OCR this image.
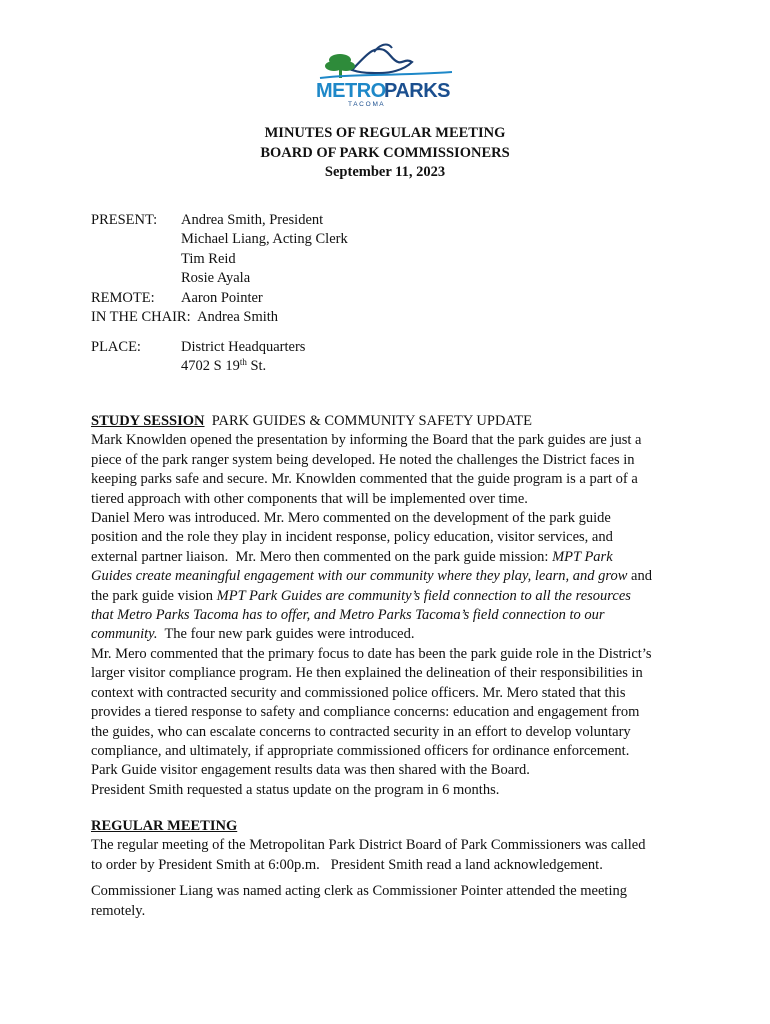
METRO
PARKS
T A C O M A
MINUTES OF REGULAR MEETING
BOARD OF PARK COMMISSIONERS
September 11, 2023
PRESENT:	Andrea Smith, President
Michael Liang, Acting Clerk
Tim Reid
Rosie Ayala
REMOTE:	Aaron Pointer
IN THE CHAIR: Andrea Smith
PLACE:	District Headquarters
4702 S 19th St.
STUDY SESSION  PARK GUIDES & COMMUNITY SAFETY UPDATE
Mark Knowlden opened the presentation by informing the Board that the park guides are just a
piece of the park ranger system being developed. He noted the challenges the District faces in
keeping parks safe and secure. Mr. Knowlden commented that the guide program is a part of a
tiered approach with other components that will be implemented over time.
Daniel Mero was introduced. Mr. Mero commented on the development of the park guide
position and the role they play in incident response, policy education, visitor services, and
external partner liaison.  Mr. Mero then commented on the park guide mission: MPT Park
Guides create meaningful engagement with our community where they play, learn, and grow and
the park guide vision MPT Park Guides are community’s field connection to all the resources
that Metro Parks Tacoma has to offer, and Metro Parks Tacoma’s field connection to our
community.  The four new park guides were introduced.
Mr. Mero commented that the primary focus to date has been the park guide role in the District’s
larger visitor compliance program. He then explained the delineation of their responsibilities in
context with contracted security and commissioned police officers. Mr. Mero stated that this
provides a tiered response to safety and compliance concerns: education and engagement from
the guides, who can escalate concerns to contracted security in an effort to develop voluntary
compliance, and ultimately, if appropriate commissioned officers for ordinance enforcement.
Park Guide visitor engagement results data was then shared with the Board.
President Smith requested a status update on the program in 6 months.
REGULAR MEETING
The regular meeting of the Metropolitan Park District Board of Park Commissioners was called
to order by President Smith at 6:00p.m.   President Smith read a land acknowledgement.
Commissioner Liang was named acting clerk as Commissioner Pointer attended the meeting
remotely.
